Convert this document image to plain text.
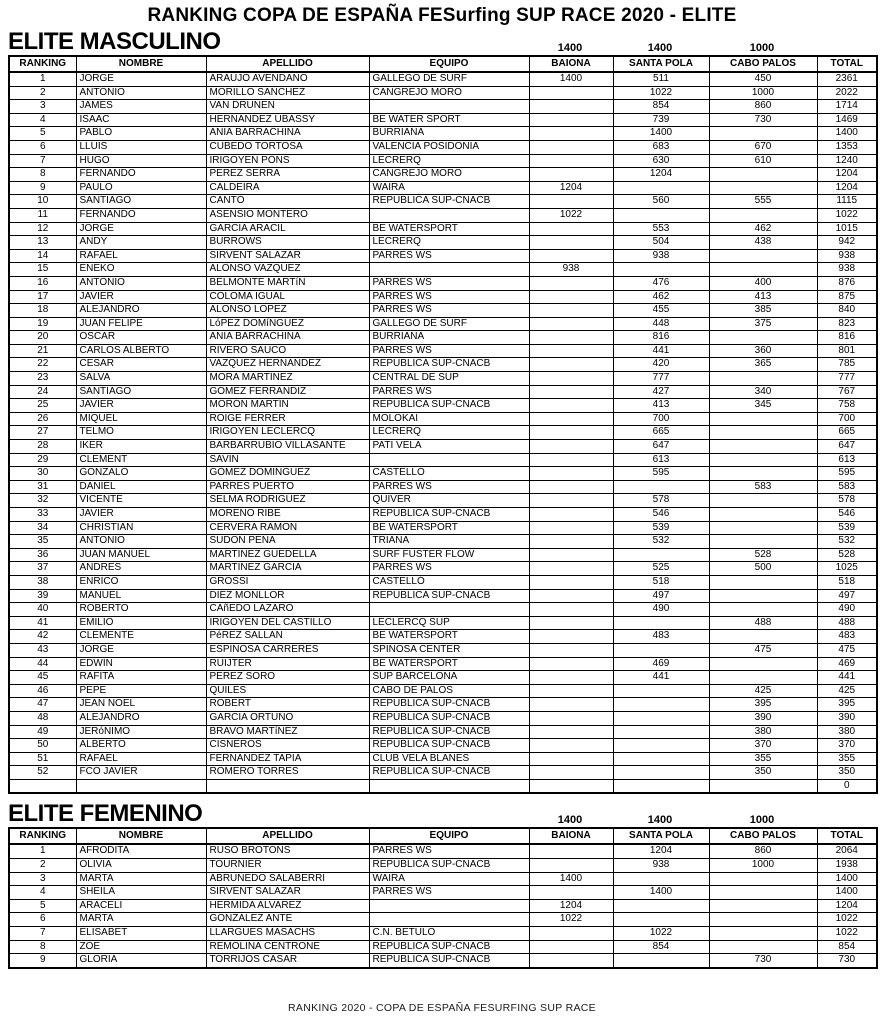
RANKING COPA DE ESPAÑA FESurfing SUP RACE 2020 - ELITE
ELITE MASCULINO
					1400	1400	1000	
RANKING	NOMBRE	APELLIDO	EQUIPO	BAIONA	SANTA POLA	CABO PALOS	TOTAL
1	JORGE	ARAUJO AVENDAÑO	GALLEGO DE SURF	1400	511	450	2361
2	ANTONIO	MORILLO SANCHEZ	CANGREJO MORO		1022	1000	2022
3	JAMES	VAN DRUNEN			854	860	1714
4	ISAAC	HERNANDEZ UBASSY	BE WATER SPORT		739	730	1469
5	PABLO	ANIA BARRACHINA	BURRIANA		1400		1400
6	LLUIS	CUBEDO TORTOSA	VALENCIA POSIDONIA		683	670	1353
7	HUGO	IRIGOYEN PONS	LECRERQ		630	610	1240
8	FERNANDO	PEREZ SERRA	CANGREJO MORO		1204		1204
9	PAULO	CALDEIRA	WAIRA	1204			1204
10	SANTIAGO	CANTÓ	REPUBLICA SUP-CNACB		560	555	1115
11	FERNANDO	ASENSIO MONTERO		1022			1022
12	JORGE	GARCIA ARACIL	BE WATERSPORT		553	462	1015
13	ANDY	BURROWS	LECRERQ		504	438	942
14	RAFAEL	SIRVENT SALAZAR	PARRES WS		938		938
15	ENEKO	ALONSO VAZQUEZ		938			938
16	ANTONIO	BELMONTE MARTíN	PARRES WS		476	400	876
17	JAVIER	COLOMA IGUAL	PARRES WS		462	413	875
18	ALEJANDRO	ALONSO LOPEZ	PARRES WS		455	385	840
19	JUAN FELIPE	LóPEZ DOMíNGUEZ	GALLEGO DE SURF		448	375	823
20	OSCAR	ANIA BARRACHINA	BURRIANA		816		816
21	CARLOS ALBERTO	RIVERO SAUCO	PARRES WS		441	360	801
22	CESAR	VAZQUEZ HERNANDEZ	REPUBLICA SUP-CNACB		420	365	785
23	SALVA	MORA MARTINEZ	CENTRAL DE SUP		777		777
24	SANTIAGO	GÓMEZ FERRANDIZ	PARRES WS		427	340	767
25	JAVIER	MORÓN MARTÍN	REPUBLICA SUP-CNACB		413	345	758
26	MIQUEL	ROIGE FERRER	MOLOKAI		700		700
27	TELMO	IRIGOYEN LECLERCQ	LECRERQ		665		665
28	IKER	BARBARRUBIO VILLASANTE	PATI VELA		647		647
29	CLEMENT	SAVIN			613		613
30	GONZALO	GOMEZ DOMINGUEZ	CASTELLÓ		595		595
31	DANIEL	PARRES PUERTO	PARRES WS			583	583
32	VICENTE	SELMA RODRIGUEZ	QUIVER		578		578
33	JAVIER	MORENO RIBE	REPUBLICA SUP-CNACB		546		546
34	CHRISTIAN	CERVERA RAMON	BE WATERSPORT		539		539
35	ANTONIO	SUDON PEÑA	TRIANA		532		532
36	JUAN MANUEL	MARTINEZ GUEDELLA	SURF FUSTER FLOW			528	528
37	ANDRES	MARTINEZ GARCIA	PARRES WS		525	500	1025
38	ENRICO	GROSSI	CASTELLÓ		518		518
39	MANUEL	DIEZ MONLLOR	REPUBLICA SUP-CNACB		497		497
40	ROBERTO	CAñEDO LAZARO			490		490
41	EMILIO	IRIGOYEN DEL CASTILLO	LECLERCQ SUP			488	488
42	CLEMENTE	PéREZ SALLAN	BE WATERSPORT		483		483
43	JORGE	ESPINOSA CARRERES	SPINOSA CENTER			475	475
44	EDWIN	RUIJTER	BE WATERSPORT		469		469
45	RAFITA	PEREZ SORO	SUP BARCELONA		441		441
46	PEPE	QUILES	CABO DE PALOS			425	425
47	JEAN NOEL	ROBERT	REPUBLICA SUP-CNACB			395	395
48	ALEJANDRO	GARCIA ORTUÑO	REPUBLICA SUP-CNACB			390	390
49	JERóNIMO	BRAVO MARTíNEZ	REPUBLICA SUP-CNACB			380	380
50	ALBERTO	CISNEROS	REPUBLICA SUP-CNACB			370	370
51	RAFAEL	FERNANDEZ TAPIA	CLUB VELA BLANES			355	355
52	FCO JAVIER	ROMERO TORRES	REPUBLICA SUP-CNACB			350	350
							0
ELITE FEMENINO
					1400	1400	1000	
RANKING	NOMBRE	APELLIDO	EQUIPO	BAIONA	SANTA POLA	CABO PALOS	TOTAL
1	AFRODITA	RUSO BROTONS	PARRES WS		1204	860	2064
2	OLIVIA	TOURNIER	REPUBLICA SUP-CNACB		938	1000	1938
3	MARTA	ABRUÑEDO SALABERRI	WAIRA	1400			1400
4	SHEILA	SIRVENT SALAZAR	PARRES WS		1400		1400
5	ARACELI	HERMIDA ALVAREZ		1204			1204
6	MARTA	GONZALEZ ANTE		1022			1022
7	ELISABET	LLARGUES MASACHS	C.N. BETULO		1022		1022
8	ZOE	REMOLINA CENTRONE	REPUBLICA SUP-CNACB		854		854
9	GLORIA	TORRIJOS CASAR	REPUBLICA SUP-CNACB			730	730
RANKING 2020 - COPA DE ESPAÑA FESURFING SUP RACE
